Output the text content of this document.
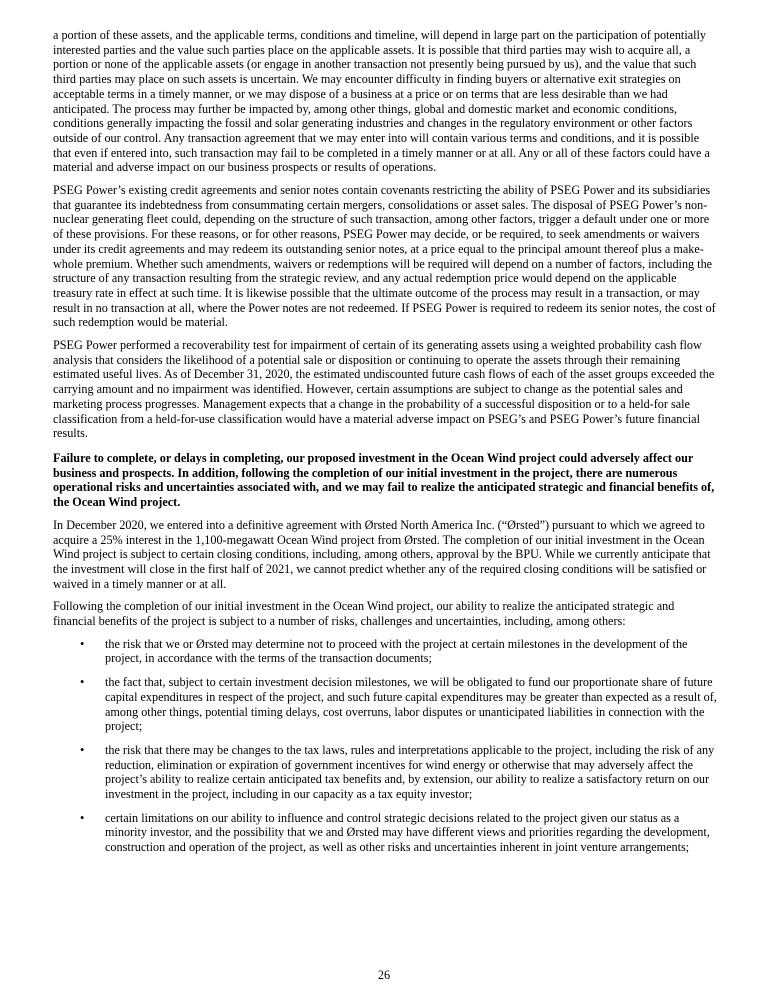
a portion of these assets, and the applicable terms, conditions and timeline, will depend in large part on the participation of potentially interested parties and the value such parties place on the applicable assets. It is possible that third parties may wish to acquire all, a portion or none of the applicable assets (or engage in another transaction not presently being pursued by us), and the value that such third parties may place on such assets is uncertain. We may encounter difficulty in finding buyers or alternative exit strategies on acceptable terms in a timely manner, or we may dispose of a business at a price or on terms that are less desirable than we had anticipated. The process may further be impacted by, among other things, global and domestic market and economic conditions, conditions generally impacting the fossil and solar generating industries and changes in the regulatory environment or other factors outside of our control. Any transaction agreement that we may enter into will contain various terms and conditions, and it is possible that even if entered into, such transaction may fail to be completed in a timely manner or at all. Any or all of these factors could have a material and adverse impact on our business prospects or results of operations.

PSEG Power’s existing credit agreements and senior notes contain covenants restricting the ability of PSEG Power and its subsidiaries that guarantee its indebtedness from consummating certain mergers, consolidations or asset sales. The disposal of PSEG Power’s non-nuclear generating fleet could, depending on the structure of such transaction, among other factors, trigger a default under one or more of these provisions. For these reasons, or for other reasons, PSEG Power may decide, or be required, to seek amendments or waivers under its credit agreements and may redeem its outstanding senior notes, at a price equal to the principal amount thereof plus a make-whole premium. Whether such amendments, waivers or redemptions will be required will depend on a number of factors, including the structure of any transaction resulting from the strategic review, and any actual redemption price would depend on the applicable treasury rate in effect at such time. It is likewise possible that the ultimate outcome of the process may result in a transaction, or may result in no transaction at all, where the Power notes are not redeemed. If PSEG Power is required to redeem its senior notes, the cost of such redemption would be material.

PSEG Power performed a recoverability test for impairment of certain of its generating assets using a weighted probability cash flow analysis that considers the likelihood of a potential sale or disposition or continuing to operate the assets through their remaining estimated useful lives. As of December 31, 2020, the estimated undiscounted future cash flows of each of the asset groups exceeded the carrying amount and no impairment was identified. However, certain assumptions are subject to change as the potential sales and marketing process progresses. Management expects that a change in the probability of a successful disposition or to a held-for sale classification from a held-for-use classification would have a material adverse impact on PSEG’s and PSEG Power’s future financial results.

Failure to complete, or delays in completing, our proposed investment in the Ocean Wind project could adversely affect our business and prospects. In addition, following the completion of our initial investment in the project, there are numerous operational risks and uncertainties associated with, and we may fail to realize the anticipated strategic and financial benefits of, the Ocean Wind project.

In December 2020, we entered into a definitive agreement with Ørsted North America Inc. (“Ørsted”) pursuant to which we agreed to acquire a 25% interest in the 1,100-megawatt Ocean Wind project from Ørsted. The completion of our initial investment in the Ocean Wind project is subject to certain closing conditions, including, among others, approval by the BPU. While we currently anticipate that the investment will close in the first half of 2021, we cannot predict whether any of the required closing conditions will be satisfied or waived in a timely manner or at all.

Following the completion of our initial investment in the Ocean Wind project, our ability to realize the anticipated strategic and financial benefits of the project is subject to a number of risks, challenges and uncertainties, including, among others:

•	the risk that we or Ørsted may determine not to proceed with the project at certain milestones in the development of the project, in accordance with the terms of the transaction documents;
•	the fact that, subject to certain investment decision milestones, we will be obligated to fund our proportionate share of future capital expenditures in respect of the project, and such future capital expenditures may be greater than expected as a result of, among other things, potential timing delays, cost overruns, labor disputes or unanticipated liabilities in connection with the project;
•	the risk that there may be changes to the tax laws, rules and interpretations applicable to the project, including the risk of any reduction, elimination or expiration of government incentives for wind energy or otherwise that may adversely affect the project’s ability to realize certain anticipated tax benefits and, by extension, our ability to realize a satisfactory return on our investment in the project, including in our capacity as a tax equity investor;
•	certain limitations on our ability to influence and control strategic decisions related to the project given our status as a minority investor, and the possibility that we and Ørsted may have different views and priorities regarding the development, construction and operation of the project, as well as other risks and uncertainties inherent in joint venture arrangements;
26
